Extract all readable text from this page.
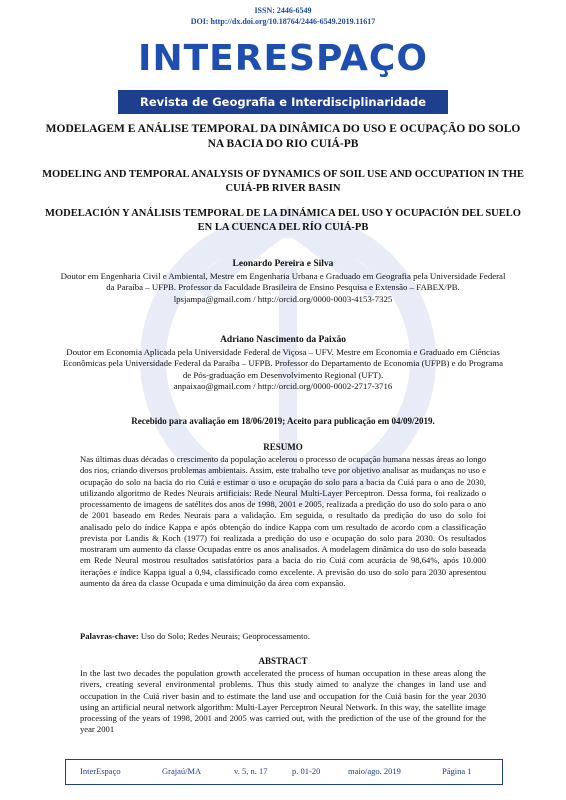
ISSN: 2446-6549
DOI: http://dx.doi.org/10.18764/2446-6549.2019.11617
INTERESPAÇO
Revista de Geografia e Interdisciplinaridade
MODELAGEM E ANÁLISE TEMPORAL DA DINÂMICA DO USO E OCUPAÇÃO DO SOLO NA BACIA DO RIO CUIÁ-PB
MODELING AND TEMPORAL ANALYSIS OF DYNAMICS OF SOIL USE AND OCCUPATION IN THE CUIÁ-PB RIVER BASIN
MODELACIÓN Y ANÁLISIS TEMPORAL DE LA DINÁMICA DEL USO Y OCUPACIÓN DEL SUELO EN LA CUENCA DEL RÍO CUIÁ-PB
Leonardo Pereira e Silva
Doutor em Engenharia Civil e Ambiental, Mestre em Engenharia Urbana e Graduado em Geografia pela Universidade Federal da Paraíba – UFPB. Professor da Faculdade Brasileira de Ensino Pesquisa e Extensão – FABEX/PB.
lpsjampa@gmail.com / http://orcid.org/0000-0003-4153-7325
Adriano Nascimento da Paixão
Doutor em Economia Aplicada pela Universidade Federal de Viçosa – UFV. Mestre em Economia e Graduado em Ciências Econômicas pela Universidade Federal da Paraíba – UFPB. Professor do Departamento de Economia (UFPB) e do Programa de Pós-graduação em Desenvolvimento Regional (UFT).
anpaixao@gmail.com / http://orcid.org/0000-0002-2717-3716
Recebido para avaliação em 18/06/2019; Aceito para publicação em 04/09/2019.
RESUMO
Nas últimas duas décadas o crescimento da população acelerou o processo de ocupação humana nessas áreas ao longo dos rios, criando diversos problemas ambientais. Assim, este trabalho teve por objetivo analisar as mudanças no uso e ocupação do solo na bacia do rio Cuiá e estimar o uso e ocupação do solo para a bacia da Cuiá para o ano de 2030, utilizando algoritmo de Redes Neurais artificiais: Rede Neural Multi-Layer Perceptron. Dessa forma, foi realizado o processamento de imagens de satélites dos anos de 1998, 2001 e 2005, realizada a predição do uso do solo para o ano de 2001 baseado em Redes Neurais para a validação. Em seguida, o resultado da predição do uso do solo foi analisado pelo do índice Kappa e após obtenção do índice Kappa com um resultado de acordo com a classificação prevista por Landis & Koch (1977) foi realizada a predição do uso e ocupação do solo para 2030. Os resultados mostraram um aumento da classe Ocupadas entre os anos analisados. A modelagem dinâmica do uso do solo baseada em Rede Neural mostrou resultados satisfatórios para a bacia do rio Cuiá com acurácia de 98,64%, após 10.000 iterações e índice Kappa igual a 0,94, classificado como excelente. A previsão do uso do solo para 2030 apresentou aumento da área da classe Ocupada e uma diminuição da área com expansão.
Palavras-chave: Uso do Solo; Redes Neurais; Geoprocessamento.
ABSTRACT
In the last two decades the population growth accelerated the process of human occupation in these areas along the rivers, creating several environmental problems. Thus this study aimed to analyze the changes in land use and occupation in the Cuiá river basin and to estimate the land use and occupation for the Cuiá basin for the year 2030 using an artificial neural network algorithm: Multi-Layer Perceptron Neural Network. In this way, the satellite image processing of the years of 1998, 2001 and 2005 was carried out, with the prediction of the use of the ground for the year 2001
InterEspaço	Grajaú/MA	v. 5, n. 17	p. 01-20	maio/ago. 2019	Página 1
